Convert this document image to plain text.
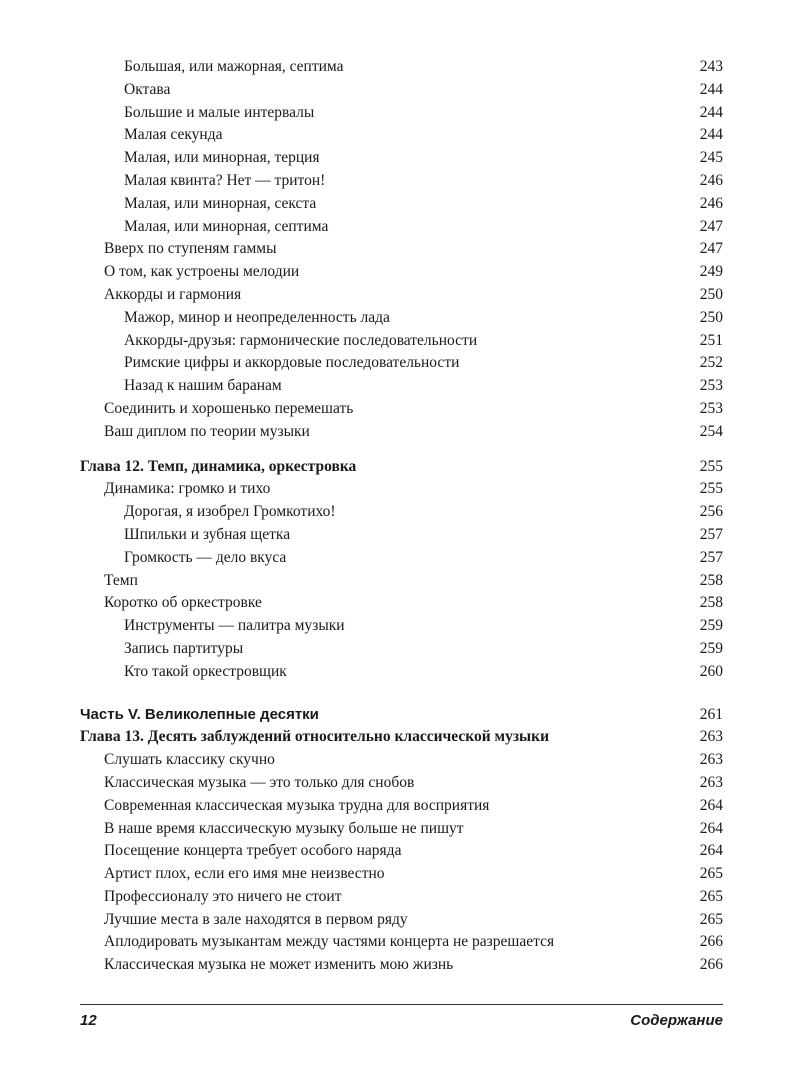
Большая, или мажорная, септима	243
Октава	244
Большие и малые интервалы	244
Малая секунда	244
Малая, или минорная, терция	245
Малая квинта? Нет — тритон!	246
Малая, или минорная, секста	246
Малая, или минорная, септима	247
Вверх по ступеням гаммы	247
О том, как устроены мелодии	249
Аккорды и гармония	250
Мажор, минор и неопределенность лада	250
Аккорды-друзья: гармонические последовательности	251
Римские цифры и аккордовые последовательности	252
Назад к нашим баранам	253
Соединить и хорошенько перемешать	253
Ваш диплом по теории музыки	254
Глава 12. Темп, динамика, оркестровка	255
Динамика: громко и тихо	255
Дорогая, я изобрел Громкотихо!	256
Шпильки и зубная щетка	257
Громкость — дело вкуса	257
Темп	258
Коротко об оркестровке	258
Инструменты — палитра музыки	259
Запись партитуры	259
Кто такой оркестровщик	260
Часть V. Великолепные десятки	261
Глава 13. Десять заблуждений относительно классической музыки	263
Слушать классику скучно	263
Классическая музыка — это только для снобов	263
Современная классическая музыка трудна для восприятия	264
В наше время классическую музыку больше не пишут	264
Посещение концерта требует особого наряда	264
Артист плох, если его имя мне неизвестно	265
Профессионалу это ничего не стоит	265
Лучшие места в зале находятся в первом ряду	265
Аплодировать музыкантам между частями концерта не разрешается	266
Классическая музыка не может изменить мою жизнь	266
12	Содержание
